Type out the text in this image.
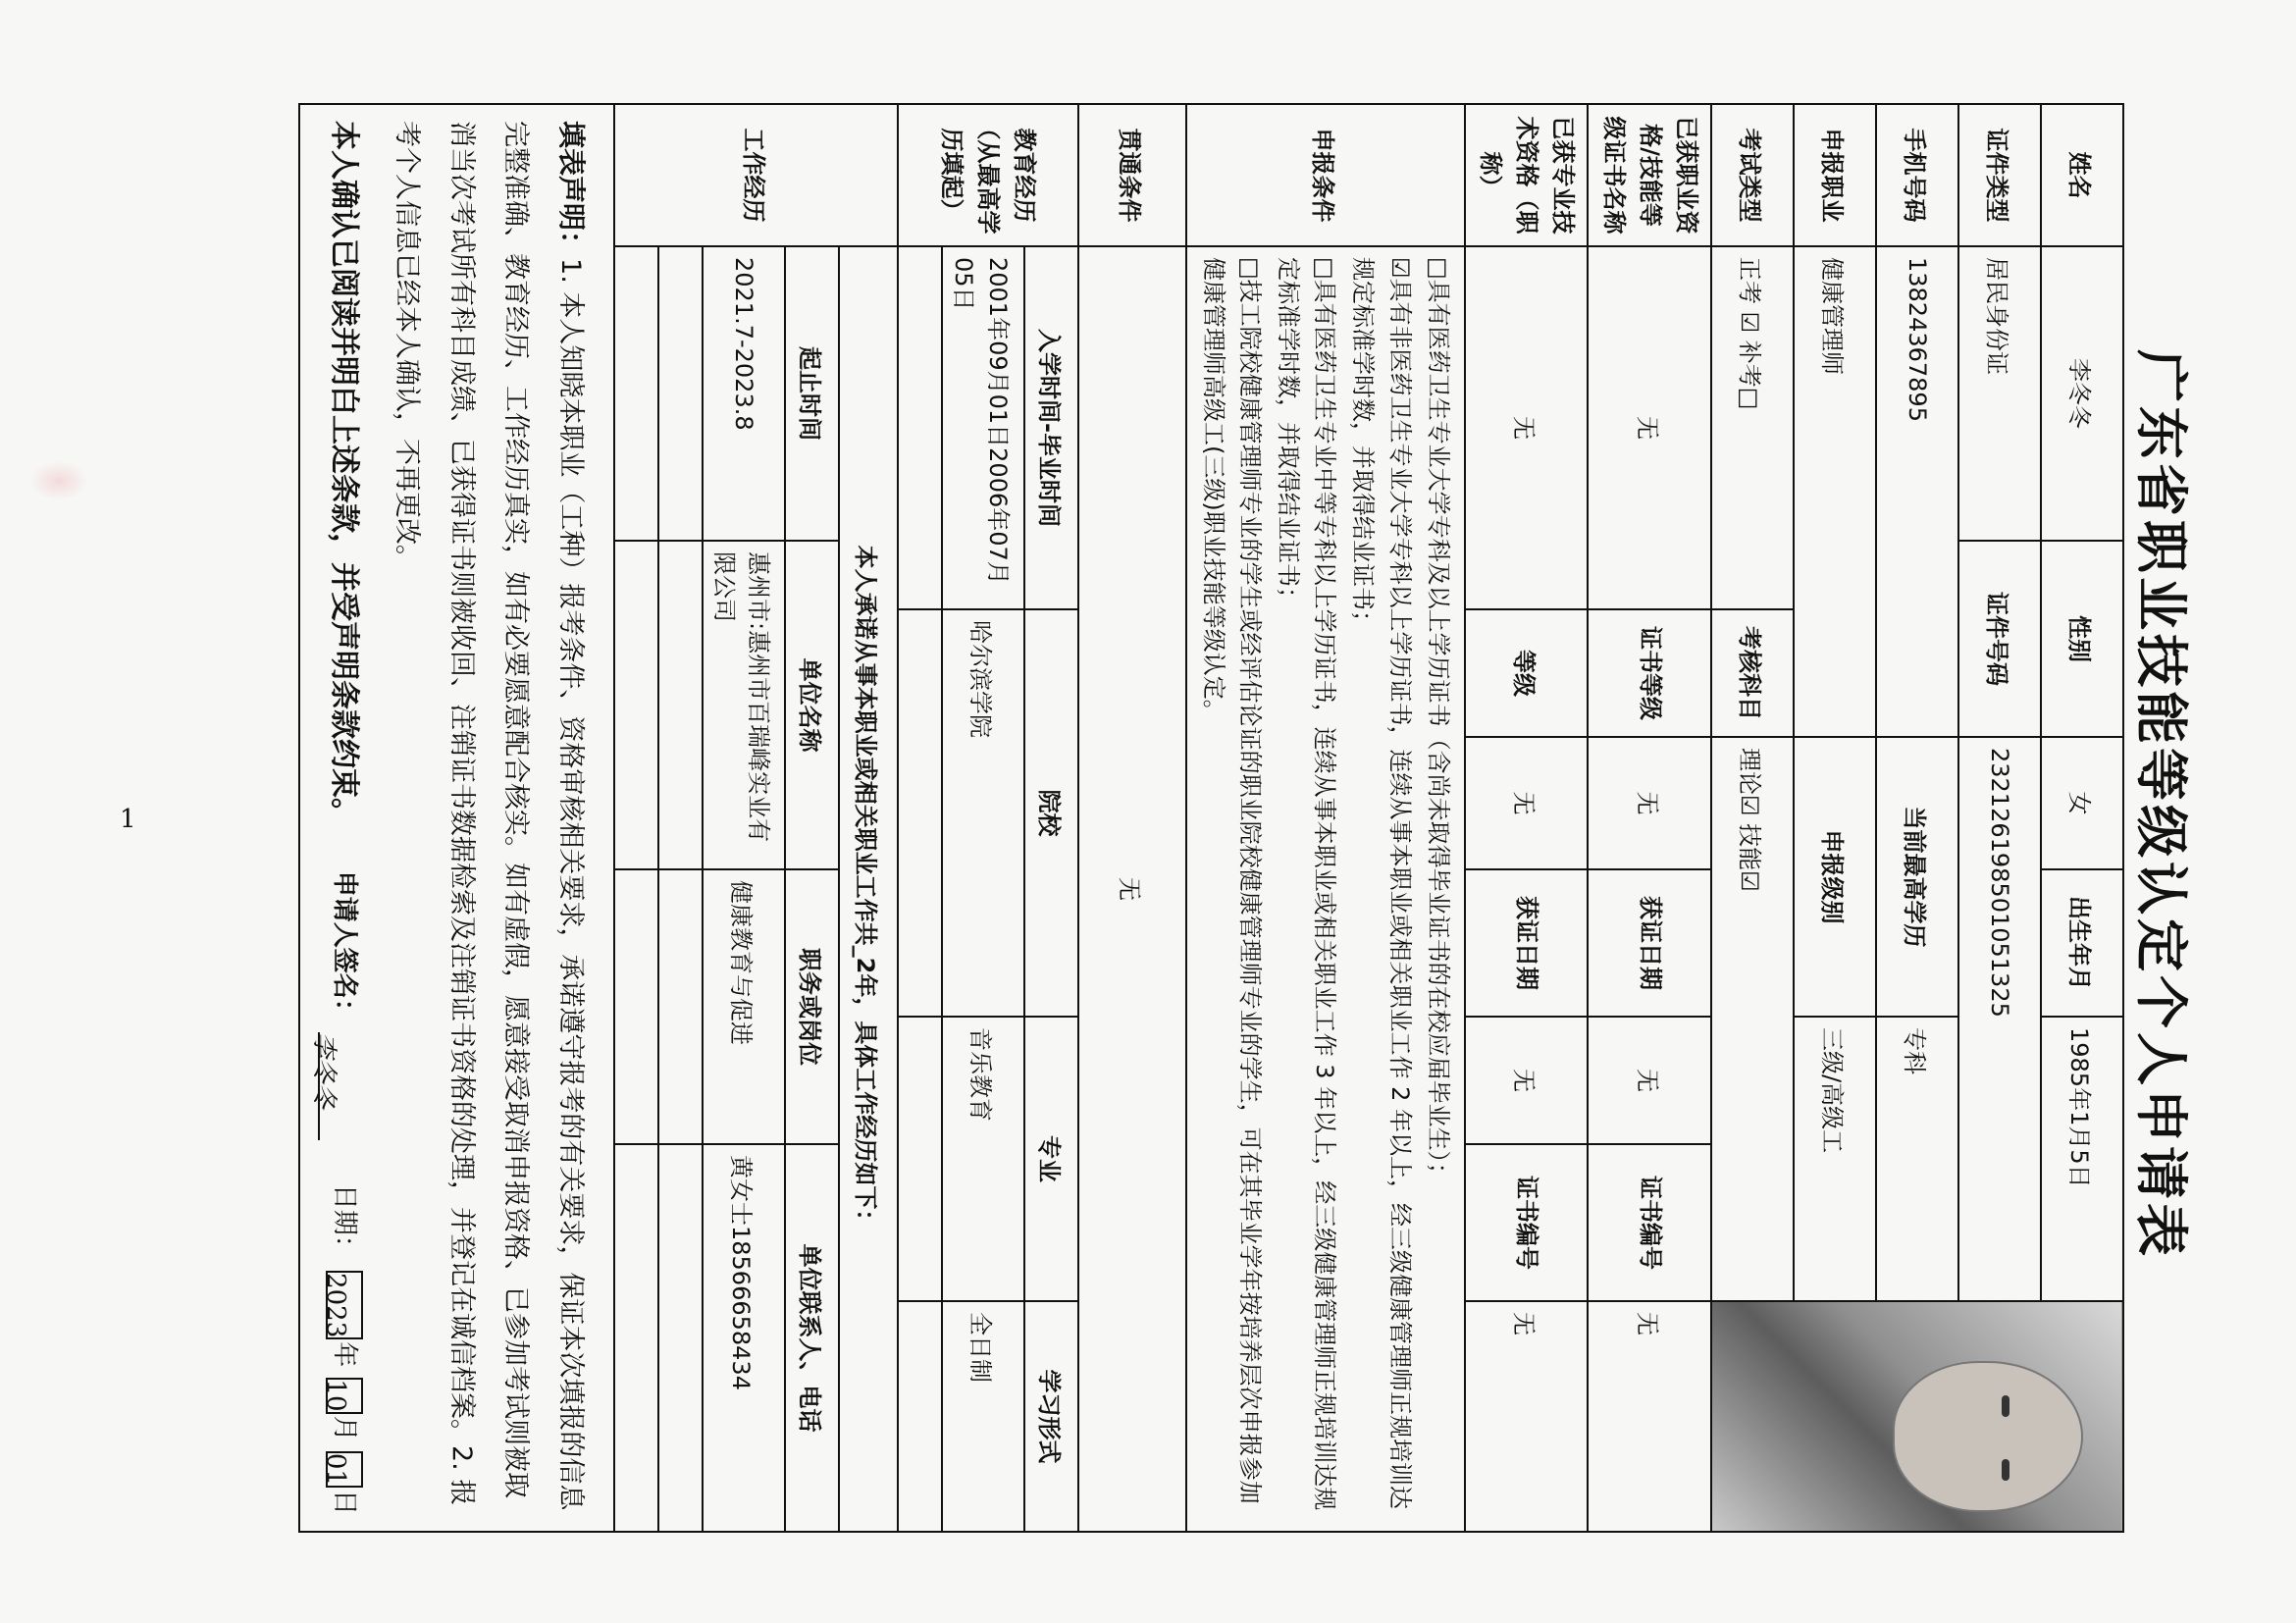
1	广东省职业技能等级认定个人申请表
姓名	李冬冬	性别		女	出生年月	1985年1月5日		

证件类型	居民身份证	证件号码		232126198501051325				
手机号码	13824367895			当前最高学历		专科		
申报职业	健康管理师			申报级别		三级/高级工		
考试类型	正考 ☑ 补考□		考核科目	理论☑ 技能☑				
已获职业资格/技能等级证书名称	无		证书等级	无	获证日期	无	证书编号	无
已获专业技术资格（职称）	无		等级	无	获证日期	无	证书编号	无
申报条件	□具有医药卫生专业大学专科及以上学历证书（含尚未取得毕业证书的在校应届毕业生）；
☑具有非医药卫生专业大学专科以上学历证书，连续从事本职业或相关职业工作 2 年以上，经三级健康管理师正规培训达规定标准学时数，并取得结业证书；
□具有医药卫生专业中等专科以上学历证书，连续从事本职业或相关职业工作 3 年以上，经三级健康管理师正规培训达规定标准学时数，并取得结业证书；
□技工院校健康管理师专业的学生或经评估论证的职业院校健康管理师专业的学生，可在其毕业学年按培养层次申报参加健康管理师高级工(三级)职业技能等级认定。							

贯通条件	无							
教育经历（从最高学历填起）	入学时间-毕业时间		院校			专业		学习形式
	2001年09月01日2006年07月05日		哈尔滨学院			音乐教育		全日制

工作经历	本人承诺从事本职业或相关职业工作共_2年，具体工作经历如下：							
	起止时间	单位名称			职务或岗位		单位联系人、电话	
	2021.7-2023.8	惠州市:惠州市百瑞峰实业有限公司			健康教育与促进		黄女士18566658434	

填表声明：1. 本人知晓本职业（工种）报考条件、资格审核相关要求，承诺遵守报考的有关要求，保证本次填报的信息完整准确、教育经历、工作经历真实，如有必要愿意配合核实。如有虚假，愿意接受取消申报资格、已参加考试则被取消当次考试所有科目成绩、已获得证书则被收回、注销证书数据检索及注销证书资格的处理，并登记在诚信档案。2. 报考个人信息已经本人确认，不再更改。
本人确认已阅读并明白上述条款，并受声明条款约束。
申请人签名： 李冬冬
日期： 2023年 10月 01日								
